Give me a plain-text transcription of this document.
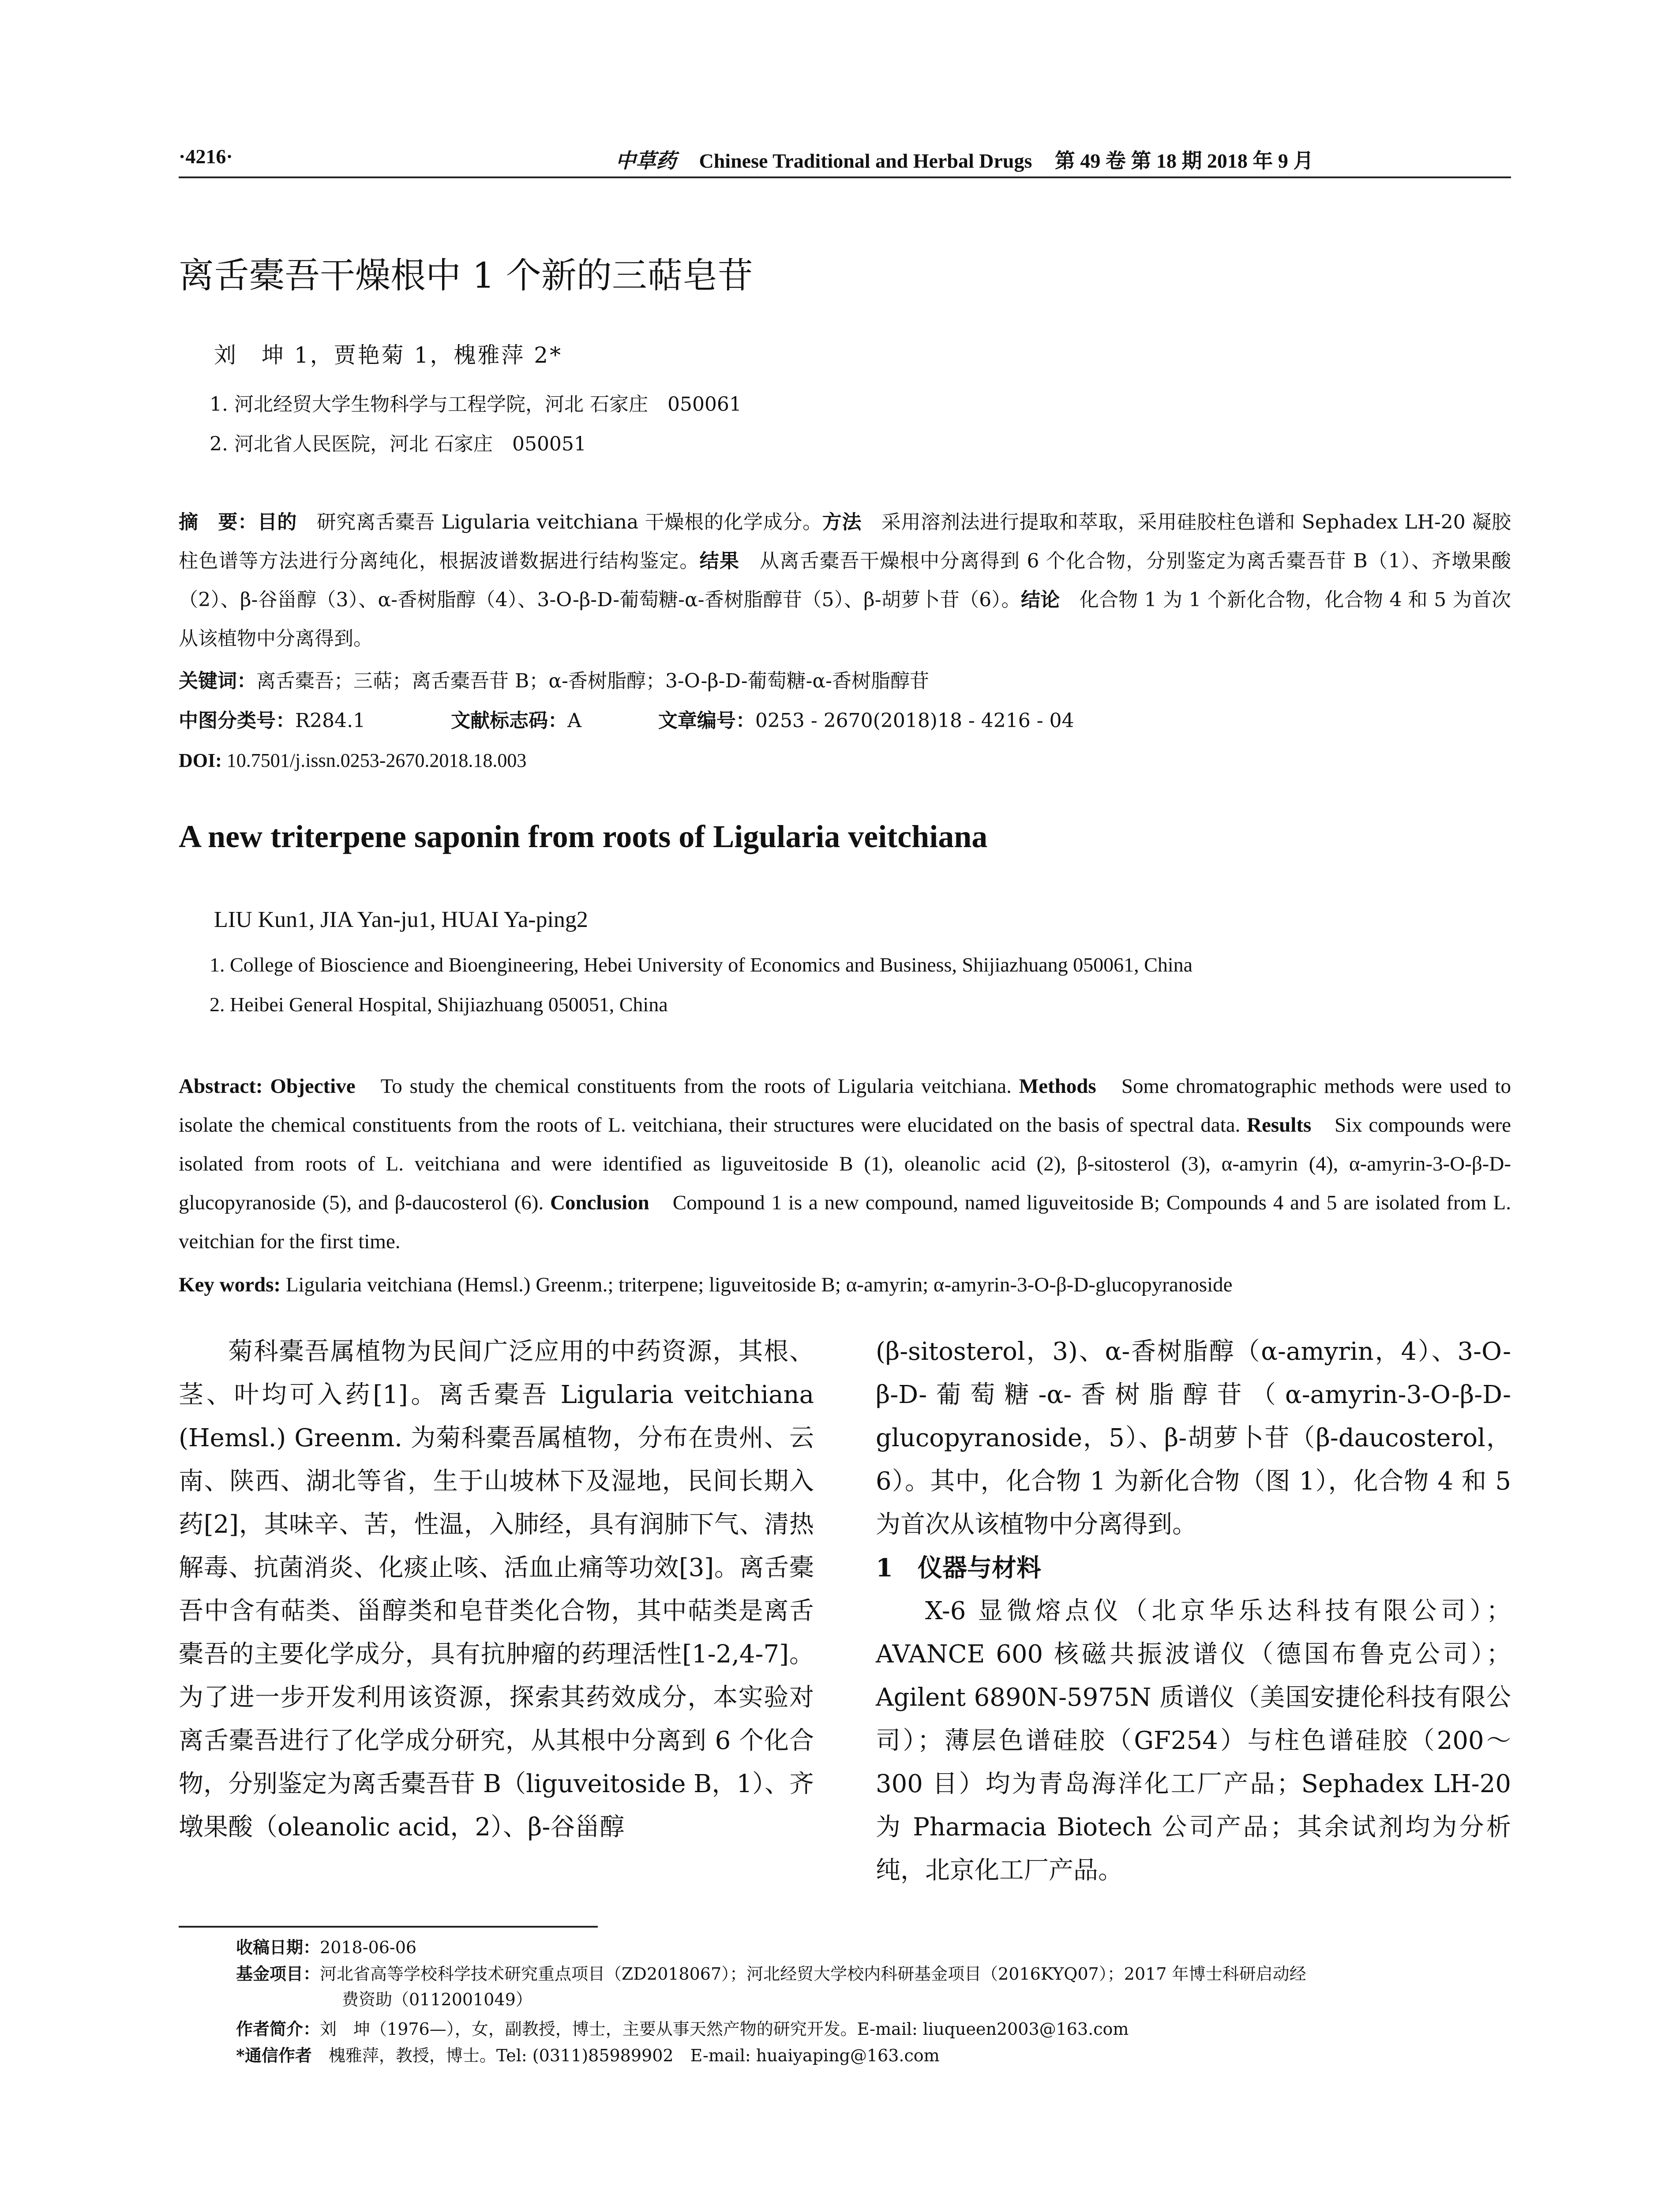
·4216·	中草药 Chinese Traditional and Herbal Drugs 第 49 卷 第 18 期 2018 年 9 月
离舌橐吾干燥根中 1 个新的三萜皂苷
刘　坤 1，贾艳菊 1，槐雅萍 2*
1. 河北经贸大学生物科学与工程学院，河北 石家庄　050061
2. 河北省人民医院，河北 石家庄　050051
摘　要：目的　研究离舌橐吾 Ligularia veitchiana 干燥根的化学成分。方法　采用溶剂法进行提取和萃取，采用硅胶柱色谱和 Sephadex LH-20 凝胶柱色谱等方法进行分离纯化，根据波谱数据进行结构鉴定。结果　从离舌橐吾干燥根中分离得到 6 个化合物，分别鉴定为离舌橐吾苷 B（1）、齐墩果酸（2）、β-谷甾醇（3）、α-香树脂醇（4）、3-O-β-D-葡萄糖-α-香树脂醇苷（5）、β-胡萝卜苷（6）。结论　化合物 1 为 1 个新化合物，化合物 4 和 5 为首次从该植物中分离得到。
关键词：离舌橐吾；三萜；离舌橐吾苷 B；α-香树脂醇；3-O-β-D-葡萄糖-α-香树脂醇苷
中图分类号：R284.1	文献标志码：A	文章编号：0253 - 2670(2018)18 - 4216 - 04
DOI: 10.7501/j.issn.0253-2670.2018.18.003
A new triterpene saponin from roots of Ligularia veitchiana
LIU Kun1, JIA Yan-ju1, HUAI Ya-ping2
1. College of Bioscience and Bioengineering, Hebei University of Economics and Business, Shijiazhuang 050061, China
2. Heibei General Hospital, Shijiazhuang 050051, China
Abstract: Objective　To study the chemical constituents from the roots of Ligularia veitchiana. Methods　Some chromatographic methods were used to isolate the chemical constituents from the roots of L. veitchiana, their structures were elucidated on the basis of spectral data. Results　Six compounds were isolated from roots of L. veitchiana and were identified as liguveitoside B (1), oleanolic acid (2), β-sitosterol (3), α-amyrin (4), α-amyrin-3-O-β-D-glucopyranoside (5), and β-daucosterol (6). Conclusion　Compound 1 is a new compound, named liguveitoside B; Compounds 4 and 5 are isolated from L. veitchian for the first time.
Key words: Ligularia veitchiana (Hemsl.) Greenm.; triterpene; liguveitoside B; α-amyrin; α-amyrin-3-O-β-D-glucopyranoside

菊科橐吾属植物为民间广泛应用的中药资源，其根、茎、叶均可入药[1]。离舌橐吾 Ligularia veitchiana (Hemsl.) Greenm. 为菊科橐吾属植物，分布在贵州、云南、陕西、湖北等省，生于山坡林下及湿地，民间长期入药[2]，其味辛、苦，性温，入肺经，具有润肺下气、清热解毒、抗菌消炎、化痰止咳、活血止痛等功效[3]。离舌橐吾中含有萜类、甾醇类和皂苷类化合物，其中萜类是离舌橐吾的主要化学成分，具有抗肿瘤的药理活性[1-2,4-7]。为了进一步开发利用该资源，探索其药效成分，本实验对离舌橐吾进行了化学成分研究，从其根中分离到 6 个化合物，分别鉴定为离舌橐吾苷 B（liguveitoside B，1）、齐墩果酸（oleanolic acid，2）、β-谷甾醇

(β-sitosterol，3)、α-香树脂醇（α-amyrin，4）、3-O-β-D-葡萄糖-α-香树脂醇苷（α-amyrin-3-O-β-D-glucopyranoside，5）、β-胡萝卜苷（β-daucosterol，6）。其中，化合物 1 为新化合物（图 1），化合物 4 和 5 为首次从该植物中分离得到。

1　仪器与材料

X-6 显微熔点仪（北京华乐达科技有限公司）；AVANCE 600 核磁共振波谱仪（德国布鲁克公司）；Agilent 6890N-5975N 质谱仪（美国安捷伦科技有限公司）；薄层色谱硅胶（GF254）与柱色谱硅胶（200～300 目）均为青岛海洋化工厂产品；Sephadex LH-20 为 Pharmacia Biotech 公司产品；其余试剂均为分析纯，北京化工厂产品。

收稿日期：2018-06-06
基金项目：河北省高等学校科学技术研究重点项目（ZD2018067）；河北经贸大学校内科研基金项目（2016KYQ07）；2017 年博士科研启动经
费资助（0112001049）
作者简介：刘　坤（1976—），女，副教授，博士，主要从事天然产物的研究开发。E-mail: liuqueen2003@163.com
*通信作者　槐雅萍，教授，博士。Tel: (0311)85989902　E-mail: huaiyaping@163.com
